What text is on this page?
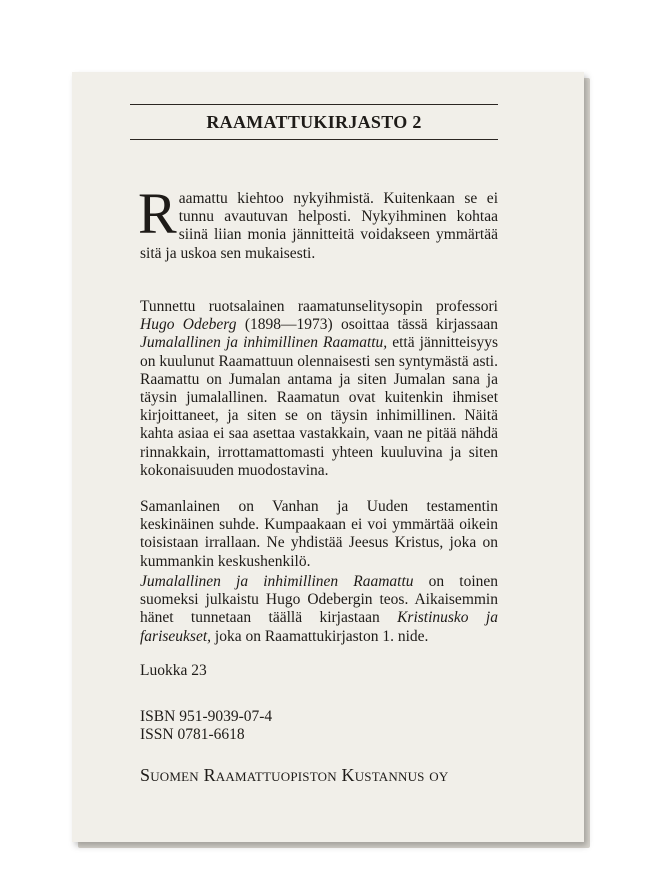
RAAMATTUKIRJASTO 2

Raamattu kiehtoo nykyihmistä. Kuitenkaan se ei tunnu avautuvan helposti. Nykyihminen kohtaa siinä liian monia jännitteitä voidakseen ymmärtää sitä ja uskoa sen mukaisesti.

Tunnettu ruotsalainen raamatunselitysopin professori Hugo Odeberg (1898—1973) osoittaa tässä kirjassaan Jumalallinen ja inhimillinen Raamattu, että jännitteisyys on kuulunut Raamattuun olennaisesti sen syntymästä asti. Raamattu on Jumalan antama ja siten Jumalan sana ja täysin jumalallinen. Raamatun ovat kuitenkin ihmiset kirjoittaneet, ja siten se on täysin inhimillinen. Näitä kahta asiaa ei saa asettaa vastakkain, vaan ne pitää nähdä rinnakkain, irrottamattomasti yhteen kuuluvina ja siten kokonaisuuden muodostavina.

Samanlainen on Vanhan ja Uuden testamentin keskinäinen suhde. Kumpaakaan ei voi ymmärtää oikein toisistaan irrallaan. Ne yhdistää Jeesus Kristus, joka on kummankin keskushenkilö.

Jumalallinen ja inhimillinen Raamattu on toinen suomeksi julkaistu Hugo Odebergin teos. Aikaisemmin hänet tunnetaan täällä kirjastaan Kristinusko ja fariseukset, joka on Raamattukirjaston 1. nide.

Luokka 23
ISBN 951-9039-07-4
ISSN 0781-6618
Suomen Raamattuopiston Kustannus oy
